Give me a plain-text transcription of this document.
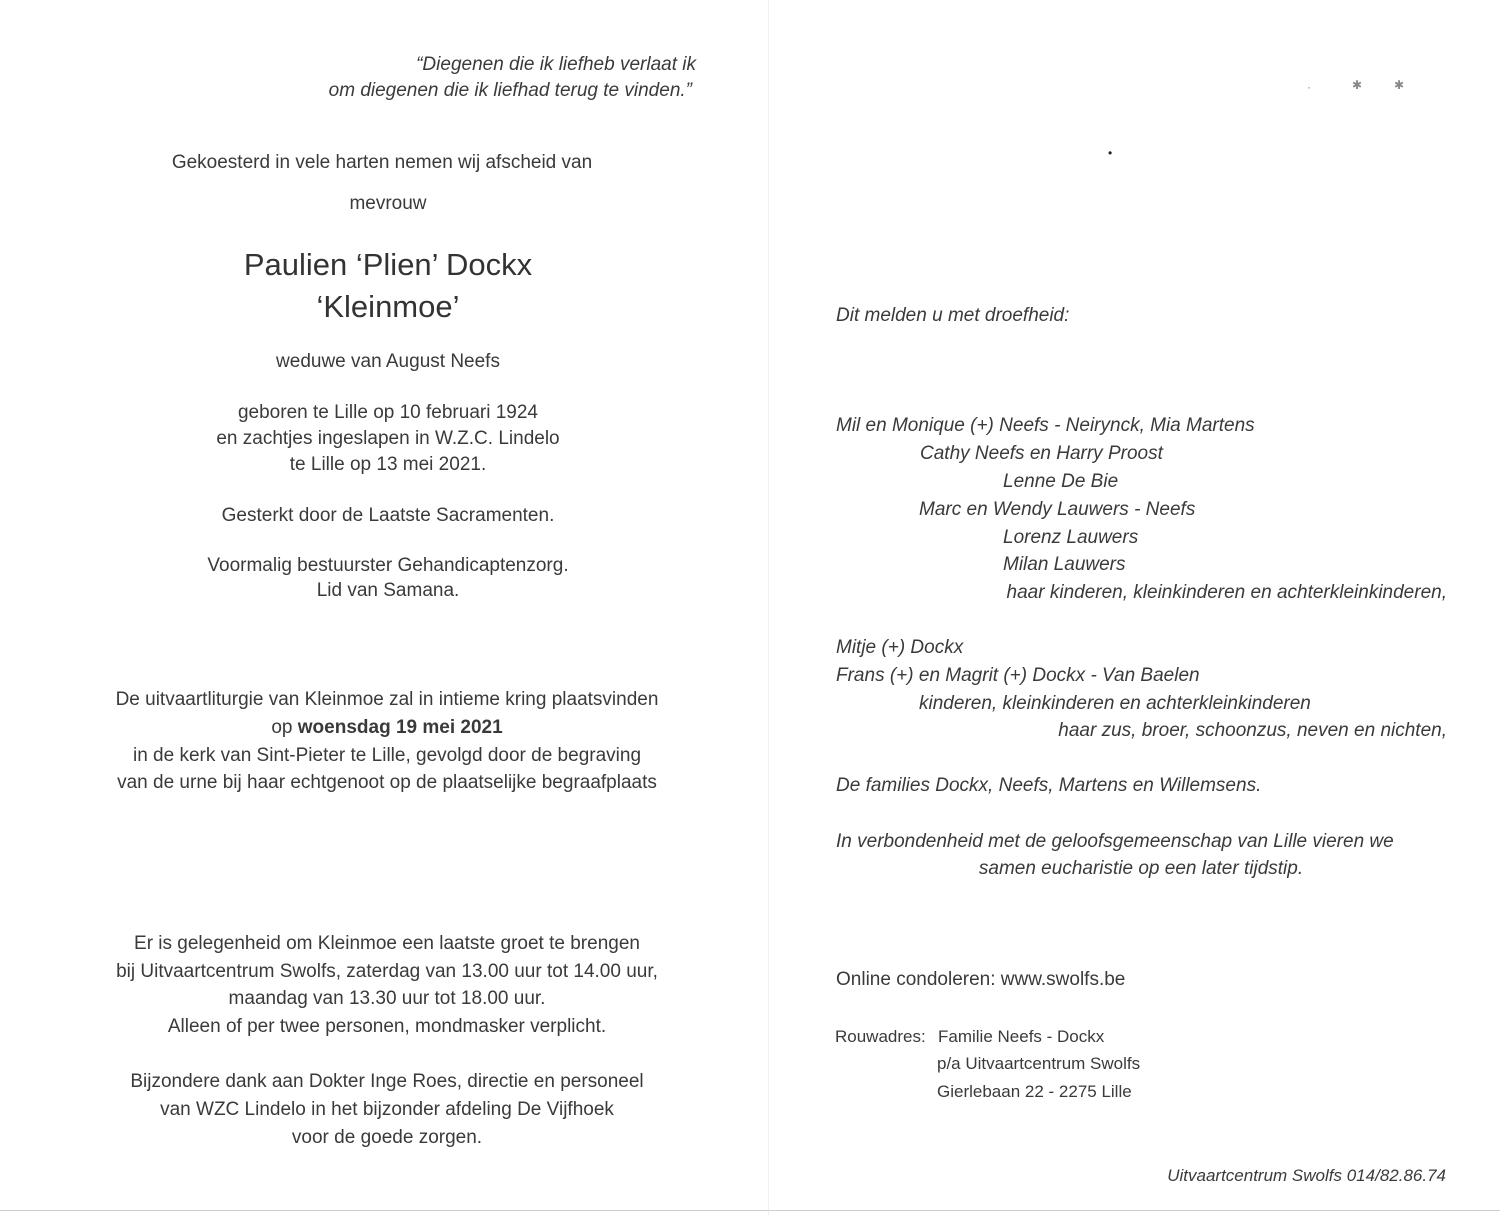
“Diegenen die ik liefheb verlaat ik
om diegenen die ik liefhad terug te vinden.”
Gekoesterd in vele harten nemen wij afscheid van
mevrouw
Paulien ‘Plien’ Dockx
‘Kleinmoe’
weduwe van August Neefs
geboren te Lille op 10 februari 1924
en zachtjes ingeslapen in W.Z.C. Lindelo
te Lille op 13 mei 2021.
Gesterkt door de Laatste Sacramenten.
Voormalig bestuurster Gehandicaptenzorg.
Lid van Samana.
De uitvaartliturgie van Kleinmoe zal in intieme kring plaatsvinden
op woensdag 19 mei 2021
in de kerk van Sint-Pieter te Lille, gevolgd door de begraving
van de urne bij haar echtgenoot op de plaatselijke begraafplaats
Er is gelegenheid om Kleinmoe een laatste groet te brengen
bij Uitvaartcentrum Swolfs, zaterdag van 13.00 uur tot 14.00 uur,
maandag van 13.30 uur tot 18.00 uur.
Alleen of per twee personen, mondmasker verplicht.
Bijzondere dank aan Dokter Inge Roes, directie en personeel
van WZC Lindelo in het bijzonder afdeling De Vijfhoek
voor de goede zorgen.
·	✱	✱
•
Dit melden u met droefheid:
Mil en Monique (+) Neefs - Neirynck, Mia Martens
Cathy Neefs en Harry Proost
Lenne De Bie
Marc en Wendy Lauwers - Neefs
Lorenz Lauwers
Milan Lauwers
haar kinderen, kleinkinderen en achterkleinkinderen,
Mitje (+) Dockx
Frans (+) en Magrit (+) Dockx - Van Baelen
kinderen, kleinkinderen en achterkleinkinderen
haar zus, broer, schoonzus, neven en nichten,
De families Dockx, Neefs, Martens en Willemsens.
In verbondenheid met de geloofsgemeenschap van Lille vieren we
samen eucharistie op een later tijdstip.
Online condoleren: www.swolfs.be
Rouwadres: Familie Neefs - Dockx
p/a Uitvaartcentrum Swolfs
Gierlebaan 22 - 2275 Lille
Uitvaartcentrum Swolfs 014/82.86.74
